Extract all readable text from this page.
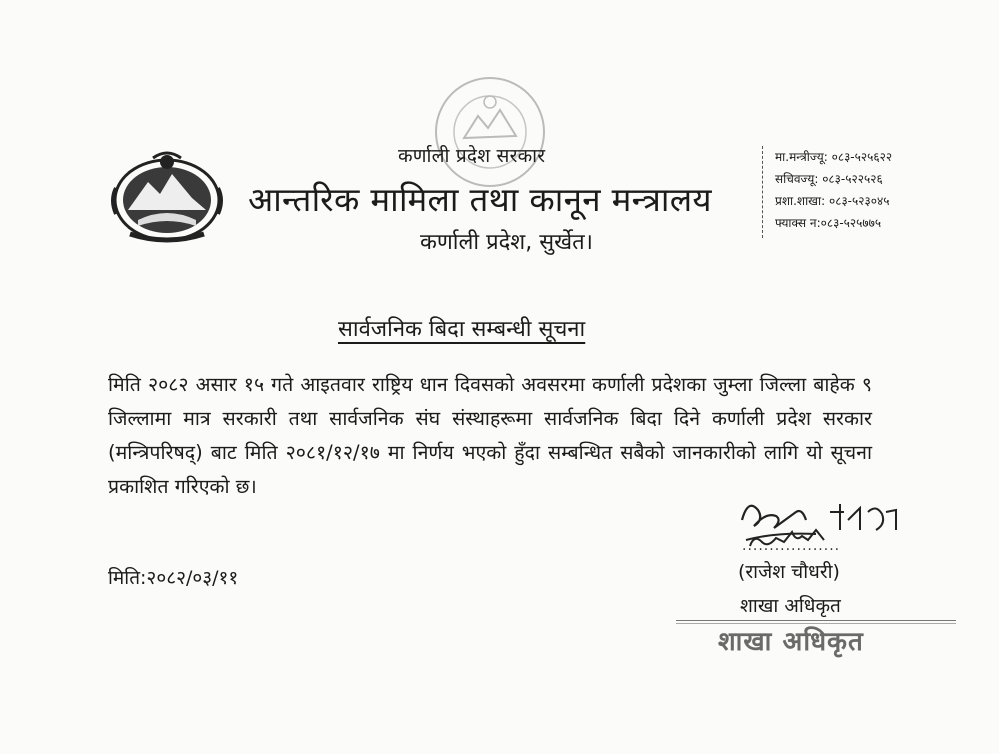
कर्णाली प्रदेश सरकार
आन्तरिक मामिला तथा कानून मन्त्रालय
कर्णाली प्रदेश, सुर्खेत।
मा.मन्त्रीज्यू: ०८३-५२५६२२
सचिवज्यू: ०८३-५२२५२६
प्रशा.शाखा: ०८३-५२३०४५
फ्याक्स न:०८३-५२५७७५
सार्वजनिक बिदा सम्बन्धी सूचना
मिति २०८२ असार १५ गते आइतवार राष्ट्रिय धान दिवसको अवसरमा कर्णाली प्रदेशका जुम्ला जिल्ला बाहेक ९ जिल्लामा मात्र सरकारी तथा सार्वजनिक संघ संस्थाहरूमा सार्वजनिक बिदा दिने कर्णाली प्रदेश सरकार (मन्त्रिपरिषद्) बाट मिति २०८१/१२/१७ मा निर्णय भएको हुँदा सम्बन्धित सबैको जानकारीको लागि यो सूचना प्रकाशित गरिएको छ।
मिति:२०८२/०३/११
..................
(राजेश चौधरी)
शाखा अधिकृत
शाखा अधिकृत
